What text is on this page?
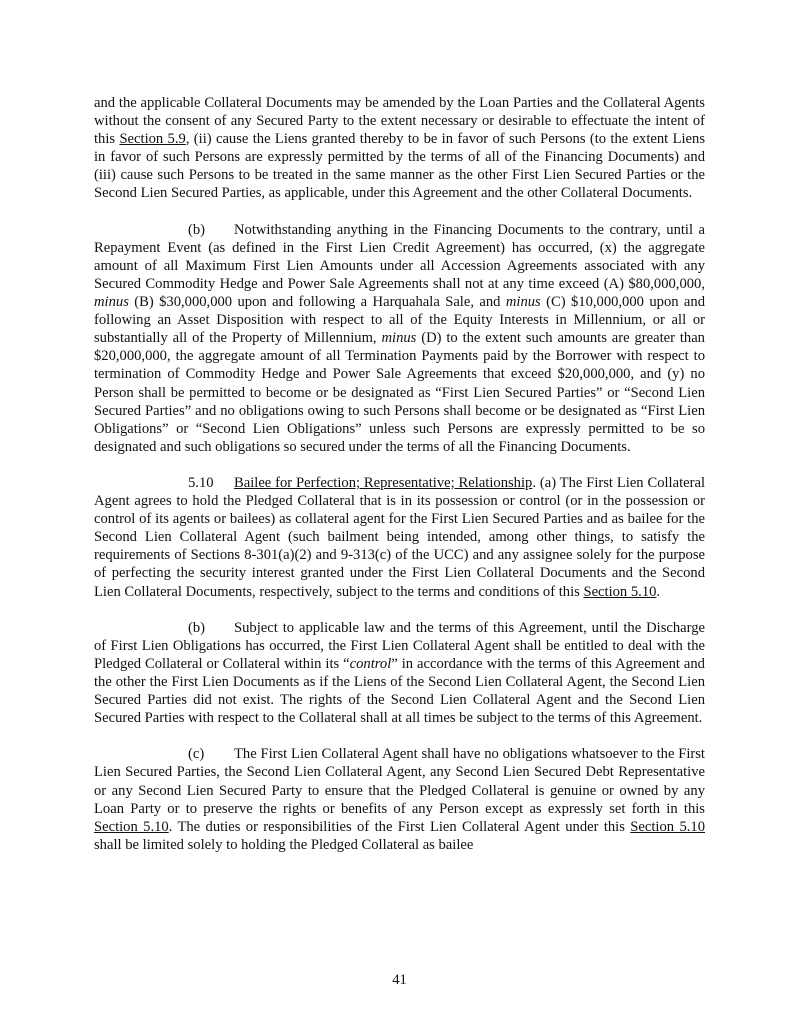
and the applicable Collateral Documents may be amended by the Loan Parties and the Collateral Agents without the consent of any Secured Party to the extent necessary or desirable to effectuate the intent of this Section 5.9, (ii) cause the Liens granted thereby to be in favor of such Persons (to the extent Liens in favor of such Persons are expressly permitted by the terms of all of the Financing Documents) and (iii) cause such Persons to be treated in the same manner as the other First Lien Secured Parties or the Second Lien Secured Parties, as applicable, under this Agreement and the other Collateral Documents.

(b) Notwithstanding anything in the Financing Documents to the contrary, until a Repayment Event (as defined in the First Lien Credit Agreement) has occurred, (x) the aggregate amount of all Maximum First Lien Amounts under all Accession Agreements associated with any Secured Commodity Hedge and Power Sale Agreements shall not at any time exceed (A) $80,000,000, minus (B) $30,000,000 upon and following a Harquahala Sale, and minus (C) $10,000,000 upon and following an Asset Disposition with respect to all of the Equity Interests in Millennium, or all or substantially all of the Property of Millennium, minus (D) to the extent such amounts are greater than $20,000,000, the aggregate amount of all Termination Payments paid by the Borrower with respect to termination of Commodity Hedge and Power Sale Agreements that exceed $20,000,000, and (y) no Person shall be permitted to become or be designated as “First Lien Secured Parties” or “Second Lien Secured Parties” and no obligations owing to such Persons shall become or be designated as “First Lien Obligations” or “Second Lien Obligations” unless such Persons are expressly permitted to be so designated and such obligations so secured under the terms of all the Financing Documents.

5.10 Bailee for Perfection; Representative; Relationship. (a) The First Lien Collateral Agent agrees to hold the Pledged Collateral that is in its possession or control (or in the possession or control of its agents or bailees) as collateral agent for the First Lien Secured Parties and as bailee for the Second Lien Collateral Agent (such bailment being intended, among other things, to satisfy the requirements of Sections 8-301(a)(2) and 9-313(c) of the UCC) and any assignee solely for the purpose of perfecting the security interest granted under the First Lien Collateral Documents and the Second Lien Collateral Documents, respectively, subject to the terms and conditions of this Section 5.10.

(b) Subject to applicable law and the terms of this Agreement, until the Discharge of First Lien Obligations has occurred, the First Lien Collateral Agent shall be entitled to deal with the Pledged Collateral or Collateral within its “control” in accordance with the terms of this Agreement and the other the First Lien Documents as if the Liens of the Second Lien Collateral Agent, the Second Lien Secured Parties did not exist. The rights of the Second Lien Collateral Agent and the Second Lien Secured Parties with respect to the Collateral shall at all times be subject to the terms of this Agreement.

(c) The First Lien Collateral Agent shall have no obligations whatsoever to the First Lien Secured Parties, the Second Lien Collateral Agent, any Second Lien Secured Debt Representative or any Second Lien Secured Party to ensure that the Pledged Collateral is genuine or owned by any Loan Party or to preserve the rights or benefits of any Person except as expressly set forth in this Section 5.10. The duties or responsibilities of the First Lien Collateral Agent under this Section 5.10 shall be limited solely to holding the Pledged Collateral as bailee

41
